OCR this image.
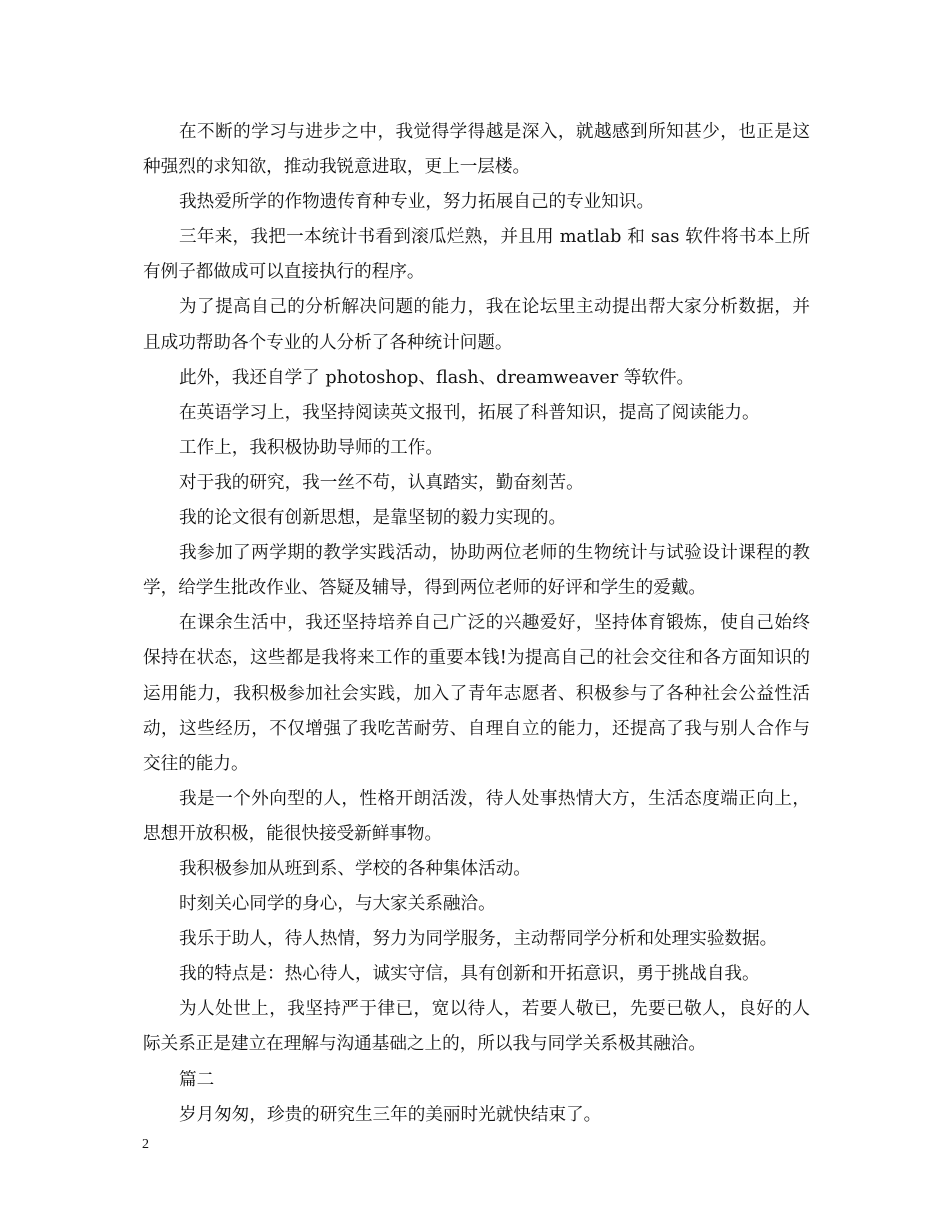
在不断的学习与进步之中，我觉得学得越是深入，就越感到所知甚少，也正是这种强烈的求知欲，推动我锐意进取，更上一层楼。

我热爱所学的作物遗传育种专业，努力拓展自己的专业知识。

三年来，我把一本统计书看到滚瓜烂熟，并且用 matlab 和 sas 软件将书本上所有例子都做成可以直接执行的程序。

为了提高自己的分析解决问题的能力，我在论坛里主动提出帮大家分析数据，并且成功帮助各个专业的人分析了各种统计问题。

此外，我还自学了 photoshop、flash、dreamweaver 等软件。

在英语学习上，我坚持阅读英文报刊，拓展了科普知识，提高了阅读能力。

工作上，我积极协助导师的工作。

对于我的研究，我一丝不苟，认真踏实，勤奋刻苦。

我的论文很有创新思想，是靠坚韧的毅力实现的。

我参加了两学期的教学实践活动，协助两位老师的生物统计与试验设计课程的教学，给学生批改作业、答疑及辅导，得到两位老师的好评和学生的爱戴。

在课余生活中，我还坚持培养自己广泛的兴趣爱好，坚持体育锻炼，使自己始终保持在状态，这些都是我将来工作的重要本钱!为提高自己的社会交往和各方面知识的运用能力，我积极参加社会实践，加入了青年志愿者、积极参与了各种社会公益性活动，这些经历，不仅增强了我吃苦耐劳、自理自立的能力，还提高了我与别人合作与交往的能力。

我是一个外向型的人，性格开朗活泼，待人处事热情大方，生活态度端正向上，思想开放积极，能很快接受新鲜事物。

我积极参加从班到系、学校的各种集体活动。

时刻关心同学的身心，与大家关系融洽。

我乐于助人，待人热情，努力为同学服务，主动帮同学分析和处理实验数据。

我的特点是：热心待人，诚实守信，具有创新和开拓意识，勇于挑战自我。

为人处世上，我坚持严于律已，宽以待人，若要人敬已，先要已敬人，良好的人际关系正是建立在理解与沟通基础之上的，所以我与同学关系极其融洽。

篇二

岁月匆匆，珍贵的研究生三年的美丽时光就快结束了。

2
